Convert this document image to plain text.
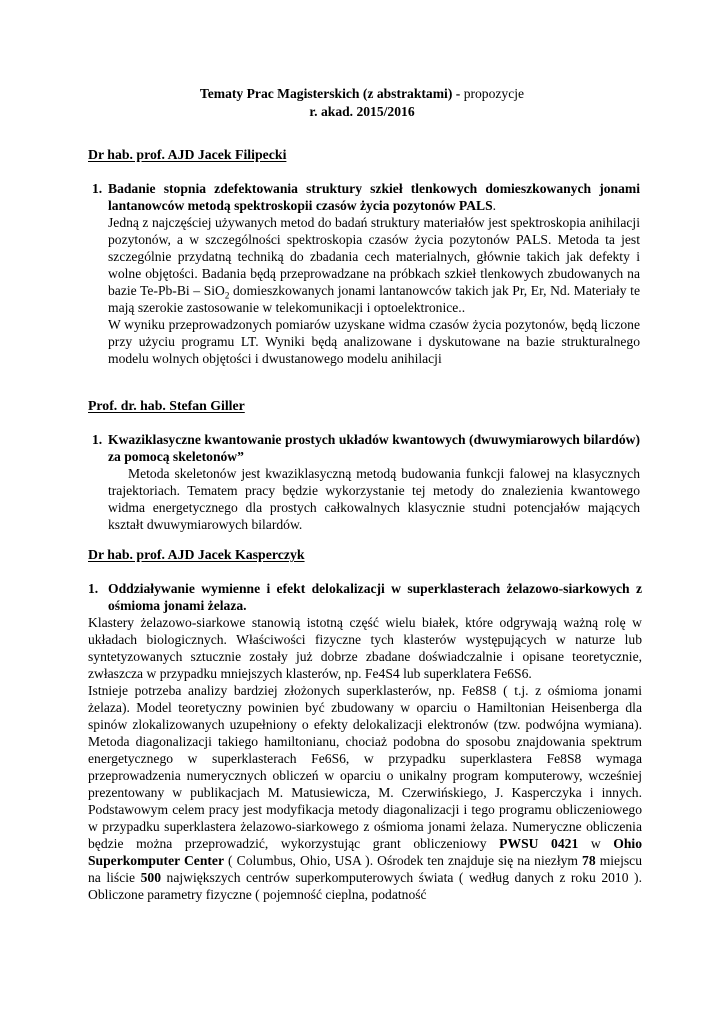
Tematy Prac Magisterskich (z abstraktami) - propozycje
r. akad. 2015/2016
Dr hab. prof. AJD Jacek Filipecki
1. Badanie stopnia zdefektowania struktury szkieł tlenkowych domieszkowanych jonami lantanowców metodą spektroskopii czasów życia pozytonów PALS.

Jedną z najczęściej używanych metod do badań struktury materiałów jest spektroskopia anihilacji pozytonów, a w szczególności spektroskopia czasów życia pozytonów PALS. Metoda ta jest szczególnie przydatną techniką do zbadania cech materialnych, głównie takich jak defekty i wolne objętości. Badania będą przeprowadzane na próbkach szkieł tlenkowych zbudowanych na bazie Te-Pb-Bi – SiO$_2$ domieszkowanych jonami lantanowców takich jak Pr, Er, Nd. Materiały te mają szerokie zastosowanie w telekomunikacji i optoelektronice..

W wyniku przeprowadzonych pomiarów uzyskane widma czasów życia pozytonów, będą liczone przy użyciu programu LT. Wyniki będą analizowane i dyskutowane na bazie strukturalnego modelu wolnych objętości i dwustanowego modelu anihilacji

Prof. dr. hab. Stefan Giller
1. Kwaziklasyczne kwantowanie prostych układów kwantowych (dwuwymiarowych bilardów) za pomocą skeletonów”

Metoda skeletonów jest kwaziklasyczną metodą budowania funkcji falowej na klasycznych trajektoriach. Tematem pracy będzie wykorzystanie tej metody do znalezienia kwantowego widma energetycznego dla prostych całkowalnych klasycznie studni potencjałów mających kształt dwuwymiarowych bilardów.

Dr hab. prof. AJD Jacek Kasperczyk
1. Oddziaływanie wymienne i efekt delokalizacji w superklasterach żelazowo-siarkowych z ośmioma jonami żelaza.

Klastery żelazowo-siarkowe stanowią istotną część wielu białek, które odgrywają ważną rolę w układach biologicznych. Właściwości fizyczne tych klasterów występujących w naturze lub syntetyzowanych sztucznie zostały już dobrze zbadane doświadczalnie i opisane teoretycznie, zwłaszcza w przypadku mniejszych klasterów, np. Fe4S4 lub superklatera Fe6S6.

Istnieje potrzeba analizy bardziej złożonych superklasterów, np. Fe8S8 ( t.j. z ośmioma jonami żelaza). Model teoretyczny powinien być zbudowany w oparciu o Hamiltonian Heisenberga dla spinów zlokalizowanych uzupełniony o efekty delokalizacji elektronów (tzw. podwójna wymiana). Metoda diagonalizacji takiego hamiltonianu, chociaż podobna do sposobu znajdowania spektrum energetycznego w superklasterach Fe6S6, w przypadku superklastera Fe8S8 wymaga przeprowadzenia numerycznych obliczeń w oparciu o unikalny program komputerowy, wcześniej prezentowany w publikacjach M. Matusiewicza, M. Czerwińskiego, J. Kasperczyka i innych. Podstawowym celem pracy jest modyfikacja metody diagonalizacji i tego programu obliczeniowego w przypadku superklastera żelazowo-siarkowego z ośmioma jonami żelaza. Numeryczne obliczenia będzie można przeprowadzić, wykorzystując grant obliczeniowy PWSU 0421 w Ohio Superkomputer Center ( Columbus, Ohio, USA ). Ośrodek ten znajduje się na niezłym 78 miejscu na liście 500 największych centrów superkomputerowych świata ( według danych z roku 2010 ). Obliczone parametry fizyczne ( pojemność cieplna, podatność
